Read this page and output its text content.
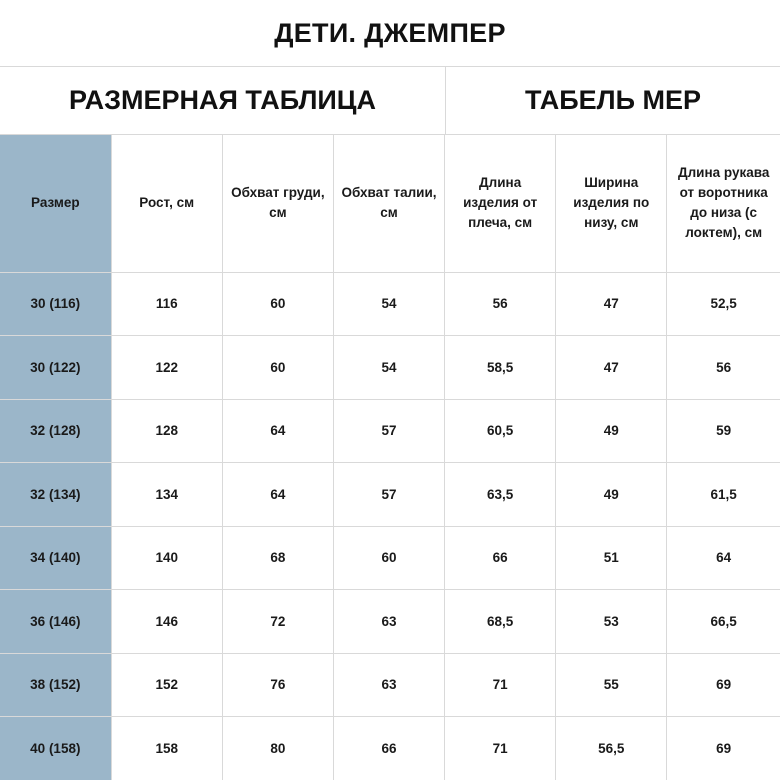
ДЕТИ. ДЖЕМПЕР
РАЗМЕРНАЯ ТАБЛИЦА	ТАБЕЛЬ МЕР
Размер	Рост, см	Обхват груди, см	Обхват талии, см	Длина изделия от плеча, см	Ширина изделия по низу, см	Длина рукава от воротника до низа (с локтем), см
30 (116)	116	60	54	56	47	52,5
30 (122)	122	60	54	58,5	47	56
32 (128)	128	64	57	60,5	49	59
32 (134)	134	64	57	63,5	49	61,5
34 (140)	140	68	60	66	51	64
36 (146)	146	72	63	68,5	53	66,5
38 (152)	152	76	63	71	55	69
40 (158)	158	80	66	71	56,5	69
